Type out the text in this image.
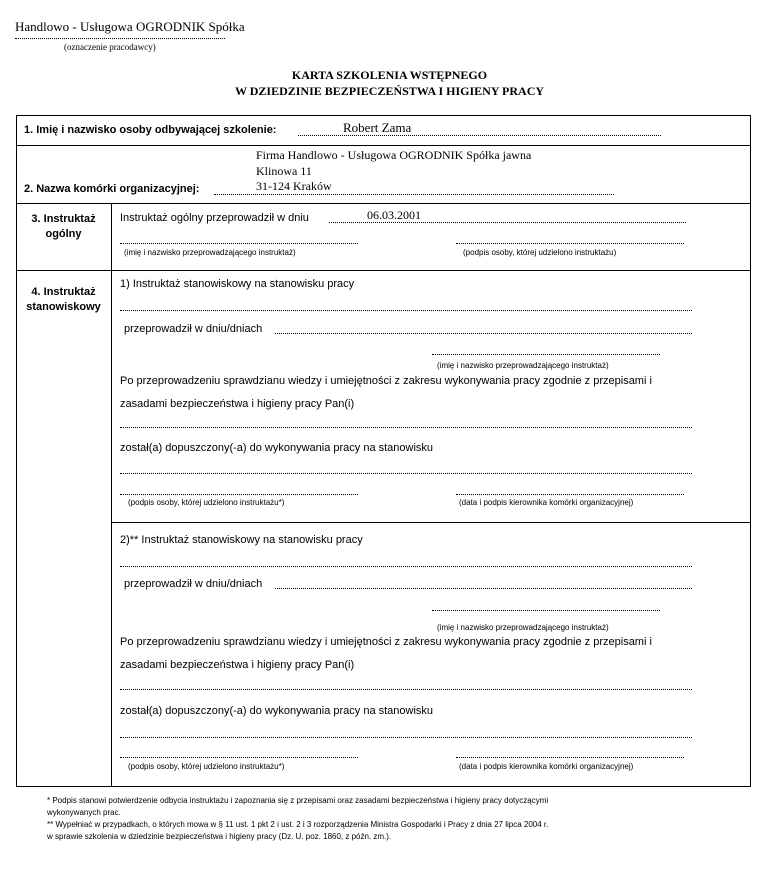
Handlowo - Usługowa OGRODNIK Spółka
(oznaczenie pracodawcy)
KARTA SZKOLENIA WSTĘPNEGO
W DZIEDZINIE BEZPIECZEŃSTWA I HIGIENY PRACY
1. Imię i nazwisko osoby odbywającej szkolenie:	Robert Zama
Firma Handlowo - Usługowa OGRODNIK Spółka jawna
Klinowa 11
31-124 Kraków
2. Nazwa komórki organizacyjnej:
3. Instruktaż
ogólny
Instruktaż ogólny przeprowadził w dniu	06.03.2001
(imię i nazwisko przeprowadzającego instruktaż)	(podpis osoby, której udzielono instruktażu)
4. Instruktaż
stanowiskowy
1) Instruktaż stanowiskowy na stanowisku pracy
przeprowadził w dniu/dniach
(imię i nazwisko przeprowadzającego instruktaż)
Po przeprowadzeniu sprawdzianu wiedzy i umiejętności z zakresu wykonywania pracy zgodnie z przepisami i
zasadami bezpieczeństwa i higieny pracy Pan(i)
został(a) dopuszczony(-a) do wykonywania pracy na stanowisku
(podpis osoby, której udzielono instruktażu*)	(data i podpis kierownika komórki organizacyjnej)
2)** Instruktaż stanowiskowy na stanowisku pracy
przeprowadził w dniu/dniach
(imię i nazwisko przeprowadzającego instruktaż)
Po przeprowadzeniu sprawdzianu wiedzy i umiejętności z zakresu wykonywania pracy zgodnie z przepisami i
zasadami bezpieczeństwa i higieny pracy Pan(i)
został(a) dopuszczony(-a) do wykonywania pracy na stanowisku
(podpis osoby, której udzielono instruktażu*)	(data i podpis kierownika komórki organizacyjnej)
* Podpis stanowi potwierdzenie odbycia instruktażu i zapoznania się z przepisami oraz zasadami bezpieczeństwa i higieny pracy dotyczącymi
wykonywanych prac.
** Wypełniać w przypadkach, o których mowa w § 11 ust. 1 pkt 2 i ust. 2 i 3 rozporządzenia Ministra Gospodarki i Pracy z dnia 27 lipca 2004 r.
w sprawie szkolenia w dziedzinie bezpieczeństwa i higieny pracy (Dz. U. poz. 1860, z późn. zm.).
